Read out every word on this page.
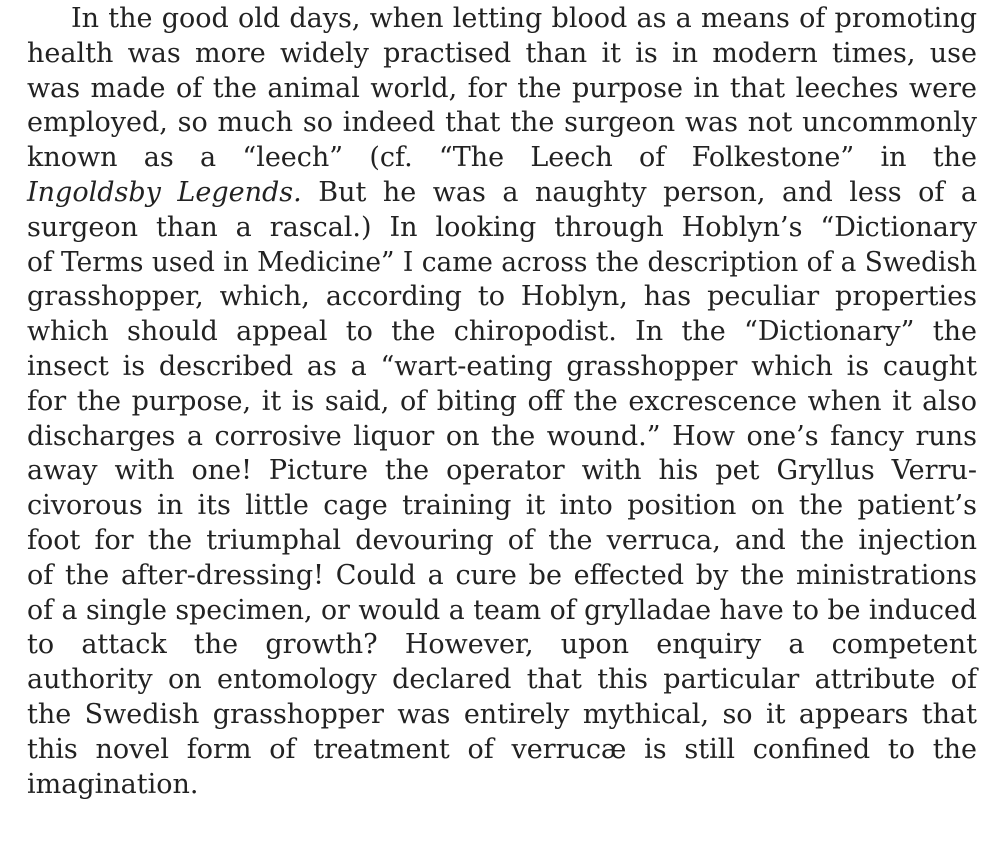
In the good old days, when letting blood as a means of promoting
health was more widely practised than it is in modern times, use
was made of the animal world, for the purpose in that leeches were
employed, so much so indeed that the surgeon was not uncommonly
known as a “leech” (cf. “The Leech of Folkestone” in the
Ingoldsby Legends. But he was a naughty person, and less of a
surgeon than a rascal.) In looking through Hoblyn’s “Dictionary
of Terms used in Medicine” I came across the description of a Swedish
grasshopper, which, according to Hoblyn, has peculiar properties
which should appeal to the chiropodist. In the “Dictionary” the
insect is described as a “wart-eating grasshopper which is caught
for the purpose, it is said, of biting off the excrescence when it also
discharges a corrosive liquor on the wound.” How one’s fancy runs
away with one! Picture the operator with his pet Gryllus Verru-
civorous in its little cage training it into position on the patient’s
foot for the triumphal devouring of the verruca, and the injection
of the after-dressing! Could a cure be effected by the ministrations
of a single specimen, or would a team of grylladae have to be induced
to attack the growth? However, upon enquiry a competent
authority on entomology declared that this particular attribute of
the Swedish grasshopper was entirely mythical, so it appears that
this novel form of treatment of verrucæ is still confined to the
imagination.
